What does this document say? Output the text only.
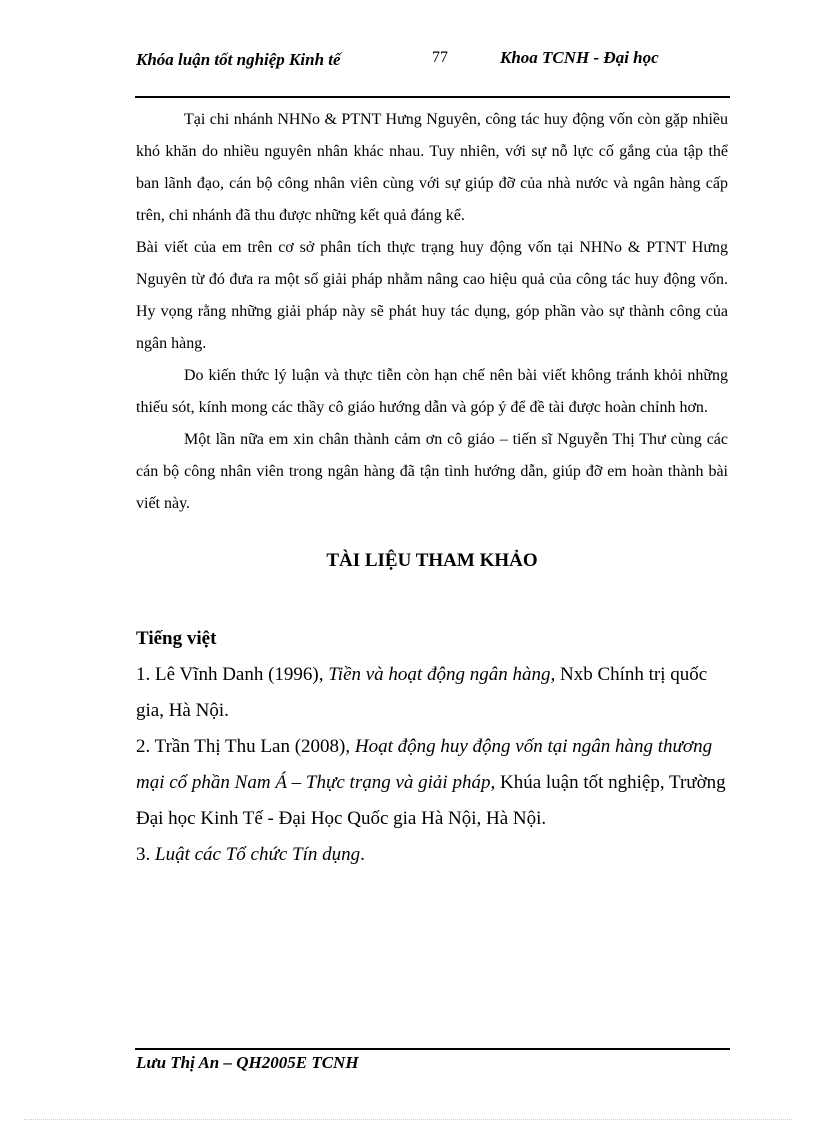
Khóa luận tốt nghiệp Kinh tế	77	Khoa TCNH - Đại học

Tại chi nhánh NHNo & PTNT Hưng Nguyên, công tác huy động vốn còn gặp nhiều khó khăn do nhiều nguyên nhân khác nhau. Tuy nhiên, với sự nỗ lực cố gắng của tập thể ban lãnh đạo, cán bộ công nhân viên cùng với sự giúp đỡ của nhà nước và ngân hàng cấp trên, chi nhánh đã thu được những kết quả đáng kể.

Bài viết của em trên cơ sở phân tích thực trạng huy động vốn tại NHNo & PTNT Hưng Nguyên từ đó đưa ra một số giải pháp nhằm nâng cao hiệu quả của công tác huy động vốn. Hy vọng rằng những giải pháp này sẽ phát huy tác dụng, góp phần vào sự thành công của ngân hàng.

Do kiến thức lý luận và thực tiễn còn hạn chế nên bài viết không tránh khỏi những thiếu sót, kính mong các thầy cô giáo hướng dẫn và góp ý để đề tài được hoàn chỉnh hơn.

Một lần nữa em xin chân thành cảm ơn cô giáo – tiến sĩ Nguyễn Thị Thư cùng các cán bộ công nhân viên trong ngân hàng đã tận tình hướng dẫn, giúp đỡ em hoàn thành bài viết này.

TÀI LIỆU THAM KHẢO

Tiếng việt

1. Lê Vĩnh Danh (1996), Tiền và hoạt động ngân hàng, Nxb Chính trị quốc gia, Hà Nội.

2. Trần Thị Thu Lan (2008), Hoạt động huy động vốn tại ngân hàng thương mại cổ phần Nam Á – Thực trạng và giải pháp, Khúa luận tốt nghiệp, Trường Đại học Kinh Tế - Đại Học Quốc gia Hà Nội, Hà Nội.

3. Luật các Tổ chức Tín dụng.

Lưu Thị An – QH2005E TCNH
